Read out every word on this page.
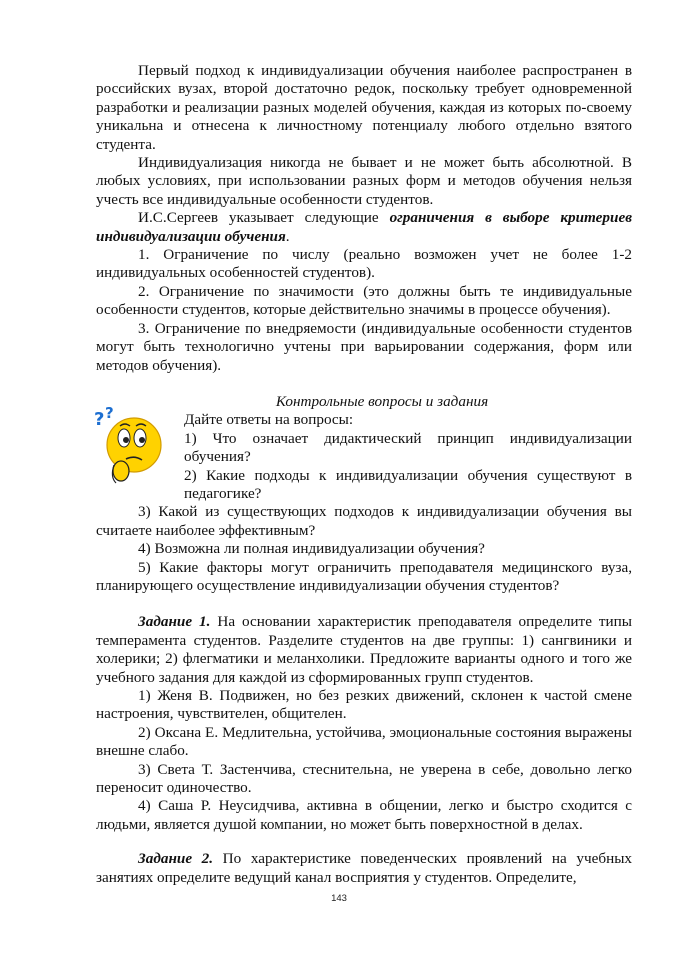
Первый подход к индивидуализации обучения наиболее распространен в российских вузах, второй достаточно редок, поскольку требует одновременной разработки и реализации разных моделей обучения, каждая из которых по-своему уникальна и отнесена к личностному потенциалу любого отдельно взятого студента.

Индивидуализация никогда не бывает и не может быть абсолютной. В любых условиях, при использовании разных форм и методов обучения нельзя учесть все индивидуальные особенности студентов.

И.С.Сергеев указывает следующие ограничения в выборе критериев индивидуализации обучения.

1. Ограничение по числу (реально возможен учет не более 1-2 индивидуальных особенностей студентов).

2. Ограничение по значимости (это должны быть те индивидуальные особенности студентов, которые действительно значимы в процессе обучения).

3. Ограничение по внедряемости (индивидуальные особенности студентов могут быть технологично учтены при варьировании содержания, форм или методов обучения).

Контрольные вопросы и задания

? ?	Дайте ответы на вопросы:

1) Что означает дидактический принцип индивидуализации обучения?

2) Какие подходы к индивидуализации обучения существуют в педагогике?

3) Какой из существующих подходов к индивидуализации обучения вы считаете наиболее эффективным?

4) Возможна ли полная индивидуализации обучения?

5) Какие факторы могут ограничить преподавателя медицинского вуза, планирующего осуществление индивидуализации обучения студентов?

Задание 1. На основании характеристик преподавателя определите типы темперамента студентов. Разделите студентов на две группы: 1) сангвиники и холерики; 2) флегматики и меланхолики. Предложите варианты одного и того же учебного задания для каждой из сформированных групп студентов.

1) Женя В. Подвижен, но без резких движений, склонен к частой смене настроения, чувствителен, общителен.

2) Оксана Е. Медлительна, устойчива, эмоциональные состояния выражены внешне слабо.

3) Света Т. Застенчива, стеснительна, не уверена в себе, довольно легко переносит одиночество.

4) Саша Р. Неусидчива, активна в общении, легко и быстро сходится с людьми, является душой компании, но может быть поверхностной в делах.

Задание 2. По характеристике поведенческих проявлений на учебных занятиях определите ведущий канал восприятия у студентов. Определите,

143
